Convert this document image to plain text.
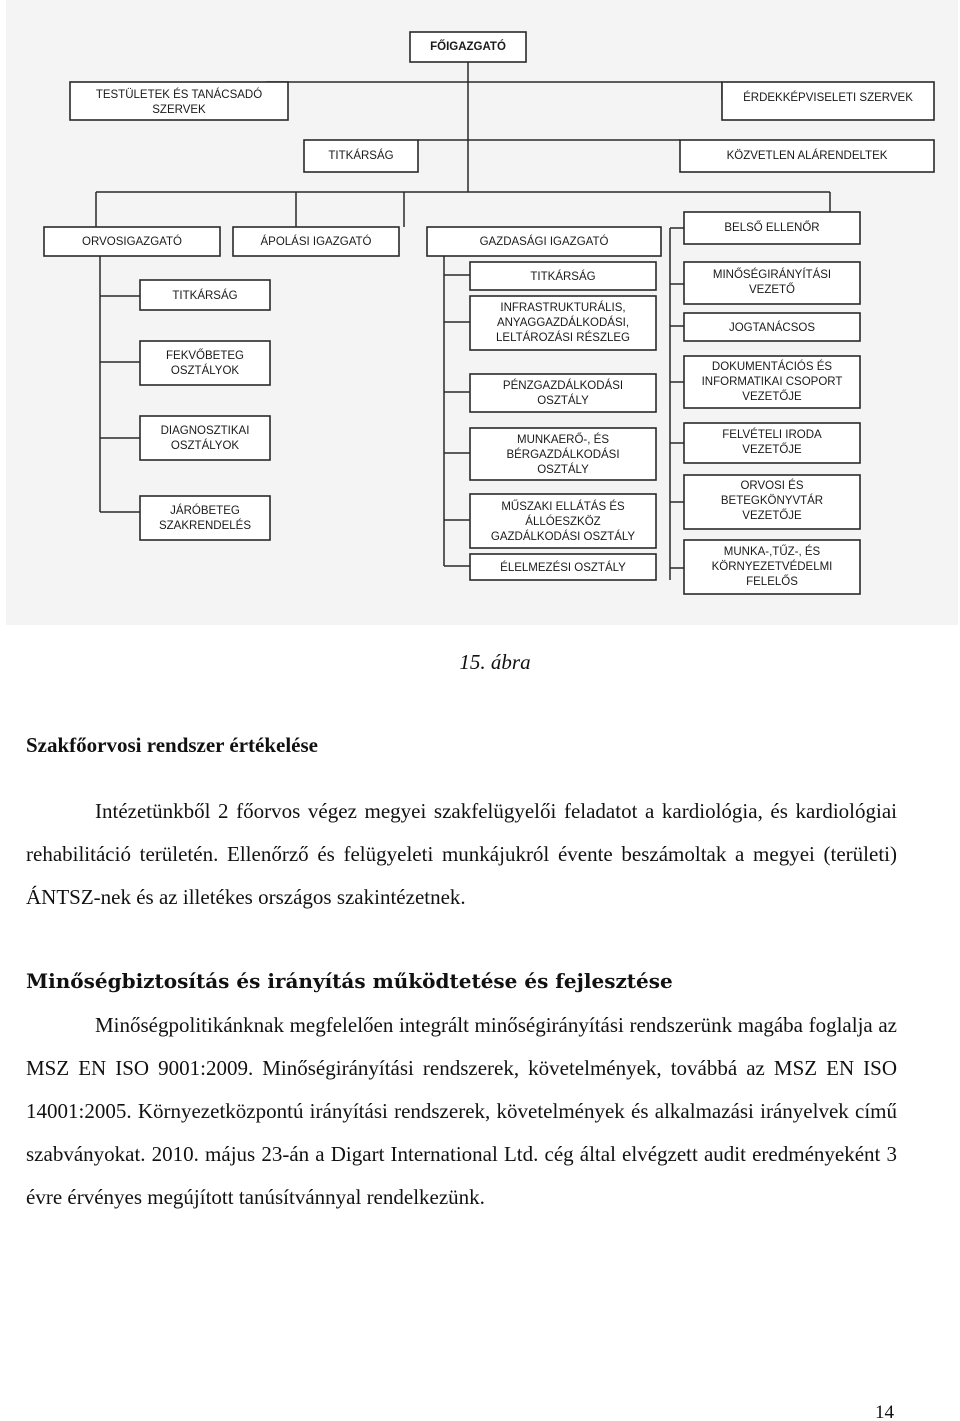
FŐIGAZGATÓ
TESTÜLETEK ÉS TANÁCSADÓ
SZERVEK
ÉRDEKKÉPVISELETI SZERVEK
TITKÁRSÁG	KÖZVETLEN ALÁRENDELTEK
ORVOSIGAZGATÓ	ÁPOLÁSI IGAZGATÓ	GAZDASÁGI IGAZGATÓ
BELSŐ ELLENŐR
TITKÁRSÁG
FEKVŐBETEG
OSZTÁLYOK
DIAGNOSZTIKAI
OSZTÁLYOK
JÁRÓBETEG
SZAKRENDELÉS
TITKÁRSÁG
INFRASTRUKTURÁLIS,
ANYAGGAZDÁLKODÁSI,
LELTÁROZÁSI RÉSZLEG
PÉNZGAZDÁLKODÁSI
OSZTÁLY
MUNKAERŐ-, ÉS
BÉRGAZDÁLKODÁSI
OSZTÁLY
MŰSZAKI ELLÁTÁS ÉS
ÁLLÓESZKÖZ
GAZDÁLKODÁSI OSZTÁLY
ÉLELMEZÉSI OSZTÁLY
MINŐSÉGIRÁNYÍTÁSI
VEZETŐ
JOGTANÁCSOS
DOKUMENTÁCIÓS ÉS
INFORMATIKAI CSOPORT
VEZETŐJE
FELVÉTELI IRODA
VEZETŐJE
ORVOSI ÉS
BETEGKÖNYVTÁR
VEZETŐJE
MUNKA-,TŰZ-, ÉS
KÖRNYEZETVÉDELMI
FELELŐS
15. ábra
Szakfőorvosi rendszer értékelése

Intézetünkből 2 főorvos végez megyei szakfelügyelői feladatot a kardiológia, és kardiológiai rehabilitáció területén. Ellenőrző és felügyeleti munkájukról évente beszámoltak a megyei (területi) ÁNTSZ-nek és az illetékes országos szakintézetnek.

Minőségbiztosítás és irányítás működtetése és fejlesztése

Minőségpolitikánknak megfelelően integrált minőségirányítási rendszerünk magába foglalja az MSZ EN ISO 9001:2009. Minőségirányítási rendszerek, követelmények, továbbá az MSZ EN ISO 14001:2005. Környezetközpontú irányítási rendszerek, követelmények és alkalmazási irányelvek című szabványokat. 2010. május 23-án a Digart International Ltd. cég által elvégzett audit eredményeként 3 évre érvényes megújított tanúsítvánnyal rendelkezünk.

14
